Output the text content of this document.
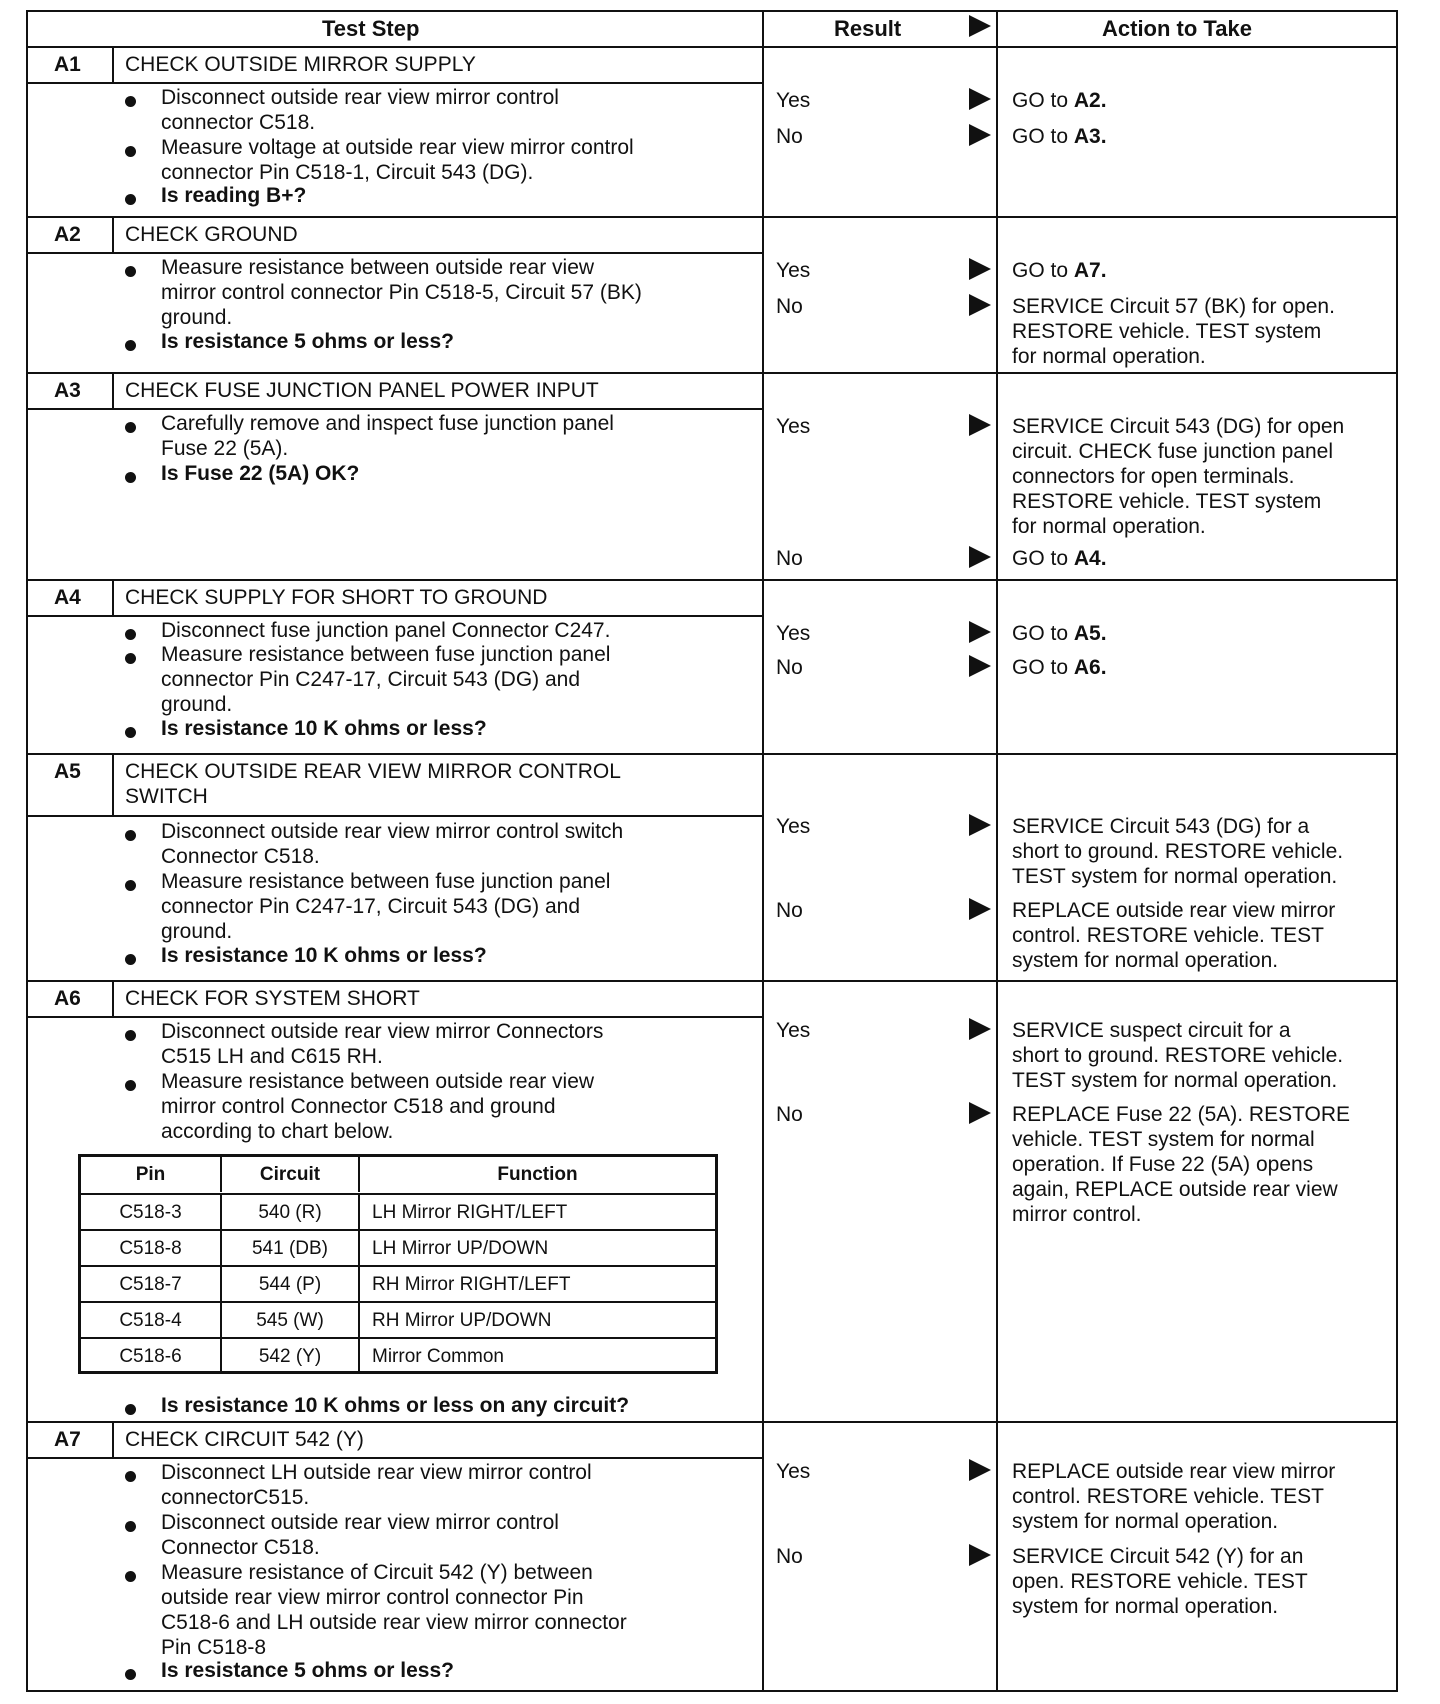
Test Step	Result	Action to Take
A1 CHECK OUTSIDE MIRROR SUPPLY
Disconnect outside rear view mirror control
connector C518.
Measure voltage at outside rear view mirror control
connector Pin C518-1, Circuit 543 (DG).
Is reading B+?
Yes	GO to A2.
No	GO to A3.
A2 CHECK GROUND
Measure resistance between outside rear view
mirror control connector Pin C518-5, Circuit 57 (BK)
ground.
Is resistance 5 ohms or less?
Yes	GO to A7.
No	SERVICE Circuit 57 (BK) for open.
RESTORE vehicle. TEST system
for normal operation.
A3 CHECK FUSE JUNCTION PANEL POWER INPUT
Carefully remove and inspect fuse junction panel
Fuse 22 (5A).
Is Fuse 22 (5A) OK?
Yes	SERVICE Circuit 543 (DG) for open
circuit. CHECK fuse junction panel
connectors for open terminals.
RESTORE vehicle. TEST system
for normal operation.
No	GO to A4.
A4 CHECK SUPPLY FOR SHORT TO GROUND
Disconnect fuse junction panel Connector C247.
Measure resistance between fuse junction panel
connector Pin C247-17, Circuit 543 (DG) and
ground.
Is resistance 10 K ohms or less?
Yes	GO to A5.
No	GO to A6.
A5 CHECK OUTSIDE REAR VIEW MIRROR CONTROL
SWITCH
Disconnect outside rear view mirror control switch
Connector C518.
Measure resistance between fuse junction panel
connector Pin C247-17, Circuit 543 (DG) and
ground.
Is resistance 10 K ohms or less?
Yes	SERVICE Circuit 543 (DG) for a
short to ground. RESTORE vehicle.
TEST system for normal operation.
No	REPLACE outside rear view mirror
control. RESTORE vehicle. TEST
system for normal operation.
A6 CHECK FOR SYSTEM SHORT
Disconnect outside rear view mirror Connectors
C515 LH and C615 RH.
Measure resistance between outside rear view
mirror control Connector C518 and ground
according to chart below.
Is resistance 10 K ohms or less on any circuit?
Yes	SERVICE suspect circuit for a
short to ground. RESTORE vehicle.
TEST system for normal operation.
No	REPLACE Fuse 22 (5A). RESTORE
vehicle. TEST system for normal
operation. If Fuse 22 (5A) opens
again, REPLACE outside rear view
mirror control.
Pin	Circuit	Function
C518-3	540 (R)	LH Mirror RIGHT/LEFT
C518-8	541 (DB)	LH Mirror UP/DOWN
C518-7	544 (P)	RH Mirror RIGHT/LEFT
C518-4	545 (W)	RH Mirror UP/DOWN
C518-6	542 (Y)	Mirror Common
A7 CHECK CIRCUIT 542 (Y)
Disconnect LH outside rear view mirror control
connectorC515.
Disconnect outside rear view mirror control
Connector C518.
Measure resistance of Circuit 542 (Y) between
outside rear view mirror control connector Pin
C518-6 and LH outside rear view mirror connector
Pin C518-8
Is resistance 5 ohms or less?
Yes	REPLACE outside rear view mirror
control. RESTORE vehicle. TEST
system for normal operation.
No	SERVICE Circuit 542 (Y) for an
open. RESTORE vehicle. TEST
system for normal operation.
